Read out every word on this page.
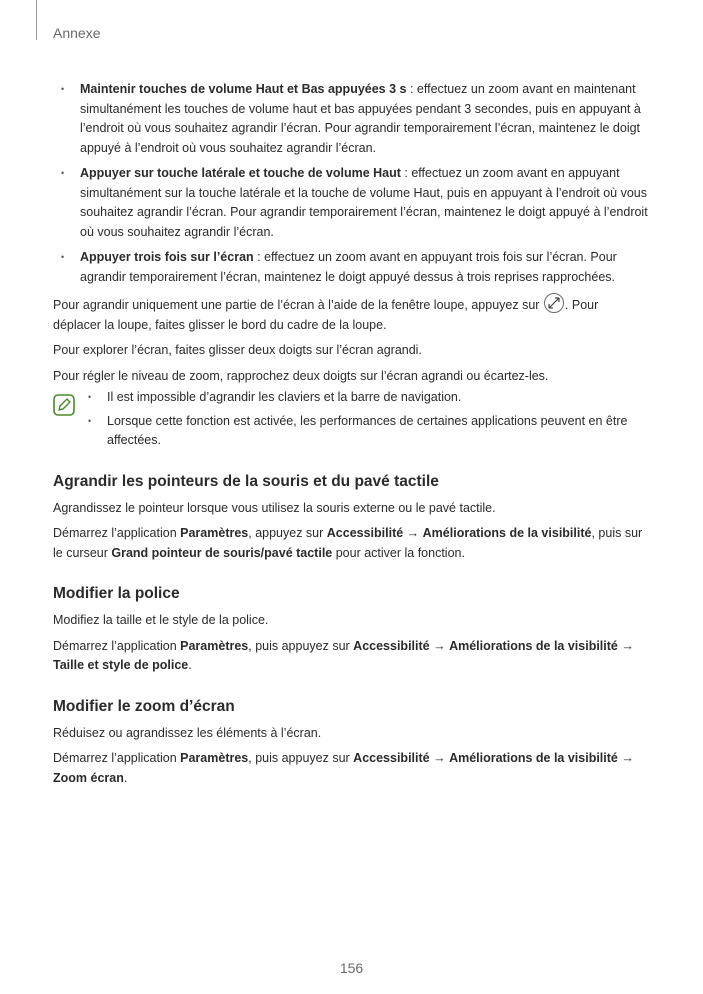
Annexe
• Maintenir touches de volume Haut et Bas appuyées 3 s : effectuez un zoom avant en maintenant simultanément les touches de volume haut et bas appuyées pendant 3 secondes, puis en appuyant à l’endroit où vous souhaitez agrandir l’écran. Pour agrandir temporairement l’écran, maintenez le doigt appuyé à l’endroit où vous souhaitez agrandir l’écran.
• Appuyer sur touche latérale et touche de volume Haut : effectuez un zoom avant en appuyant simultanément sur la touche latérale et la touche de volume Haut, puis en appuyant à l’endroit où vous souhaitez agrandir l’écran. Pour agrandir temporairement l’écran, maintenez le doigt appuyé à l’endroit où vous souhaitez agrandir l’écran.
• Appuyer trois fois sur l’écran : effectuez un zoom avant en appuyant trois fois sur l’écran. Pour agrandir temporairement l’écran, maintenez le doigt appuyé dessus à trois reprises rapprochées.

Pour agrandir uniquement une partie de l’écran à l’aide de la fenêtre loupe, appuyez sur
. Pour déplacer la loupe, faites glisser le bord du cadre de la loupe.

Pour explorer l’écran, faites glisser deux doigts sur l’écran agrandi.

Pour régler le niveau de zoom, rapprochez deux doigts sur l’écran agrandi ou écartez-les.

• Il est impossible d’agrandir les claviers et la barre de navigation.
• Lorsque cette fonction est activée, les performances de certaines applications peuvent en être affectées.
Agrandir les pointeurs de la souris et du pavé tactile

Agrandissez le pointeur lorsque vous utilisez la souris externe ou le pavé tactile.

Démarrez l’application Paramètres, appuyez sur Accessibilité → Améliorations de la visibilité, puis sur le curseur Grand pointeur de souris/pavé tactile pour activer la fonction.

Modifier la police

Modifiez la taille et le style de la police.

Démarrez l’application Paramètres, puis appuyez sur Accessibilité → Améliorations de la visibilité → Taille et style de police.

Modifier le zoom d’écran

Réduisez ou agrandissez les éléments à l’écran.

Démarrez l’application Paramètres, puis appuyez sur Accessibilité → Améliorations de la visibilité → Zoom écran.

156
